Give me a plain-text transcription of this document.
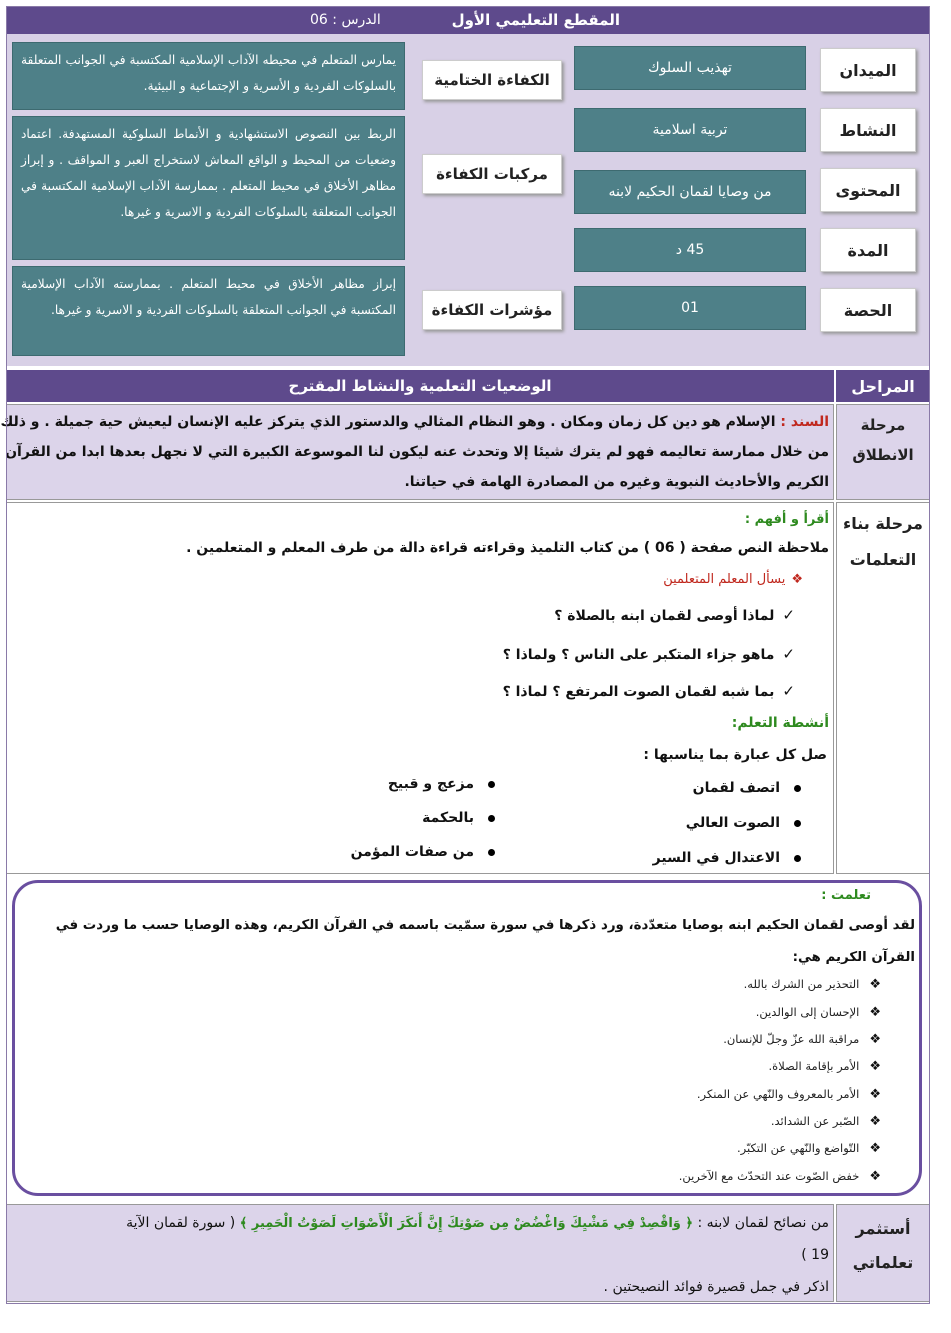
المقطع التعليمي الأول
الدرس : 06
الميدان
النشاط
المحتوى
المدة
الحصة
تهذيب السلوك
تربية اسلامية
من وصايا لقمان الحكيم لابنه
45 د
01
الكفاءة الختامية
مركبات الكفاءة
مؤشرات الكفاءة
يمارس المتعلم في محيطه الآداب الإسلامية المكتسبة في الجوانب المتعلقة بالسلوكات الفردية و الأسرية و الإجتماعية و البيئية.
الربط بين النصوص الاستشهادية و الأنماط السلوكية المستهدفة. اعتماد وضعيات من المحيط و الواقع المعاش لاستخراج العبر و المواقف . و إبراز مظاهر الأخلاق في محيط المتعلم . بممارسة الآداب الإسلامية المكتسبة في الجوانب المتعلقة بالسلوكات الفردية و الاسرية و غيرها.
إبراز مظاهر الأخلاق في محيط المتعلم . بممارسته الآداب الإسلامية المكتسبة في الجوانب المتعلقة بالسلوكات الفردية و الاسرية و غيرها.
الوضعيات التعلمية والنشاط المقترح	المراحل
مرحلة الانطلاق
السند : الإسلام هو دين كل زمان ومكان . وهو النظام المثالي والدستور الذي يتركز عليه الإنسان ليعيش حية جميلة . و ذلك
من خلال ممارسة تعاليمه فهو لم يترك شيئا إلا وتحدث عنه ليكون لنا الموسوعة الكبيرة التي لا نجهل بعدها ابدا من القرآن
الكريم والأحاديث النبوية وغيره من المصادرة الهامة في حياتنا.
مرحلة بناء التعلمات
أقرأ و أفهم :
ملاحظة النص صفحة ( 06 ) من كتاب التلميذ وقراءته قراءة دالة من طرف المعلم و المتعلمين .
❖يسأل المعلم المتعلمين
✓لماذا أوصى لقمان ابنه بالصلاة ؟
✓ماهو جزاء المتكبر على الناس ؟ ولماذا ؟
✓بما شبه لقمان الصوت المرتفع ؟ لماذا ؟
أنشطة التعلم:
صل كل عبارة بما يناسبها :
اتصف لقمان
الصوت العالي
الاعتدال في السير
مزعج و قبيح
بالحكمة
من صفات المؤمن
تعلمت :
لقد أوصى لقمان الحكيم ابنه بوصايا متعدّدة، ورد ذكرها في سورة سمّيت باسمه في القرآن الكريم، وهذه الوصايا حسب ما وردت في
القرآن الكريم هي:
❖التحذير من الشرك بالله.
❖الإحسان إلى الوالدين.
❖مراقبة الله عزّ وجلّ للإنسان.
❖الأمر بإقامة الصلاة.
❖الأمر بالمعروف والنّهي عن المنكر.
❖الصّبر عن الشدائد.
❖التّواضع والنّهي عن التكبّر.
❖خفض الصّوت عند التحدّث مع الآخرين.
أستثمر تعلماتي
من نصائح لقمان لابنه : ﴿ وَاقْصِدْ فِي مَشْيِكَ وَاغْضُضْ مِن صَوْتِكَ إِنَّ أَنكَرَ الْأَصْوَاتِ لَصَوْتُ الْحَمِيرِ ﴾ ( سورة لقمان الآية
19 )
اذكر في جمل قصيرة فوائد النصيحتين .
